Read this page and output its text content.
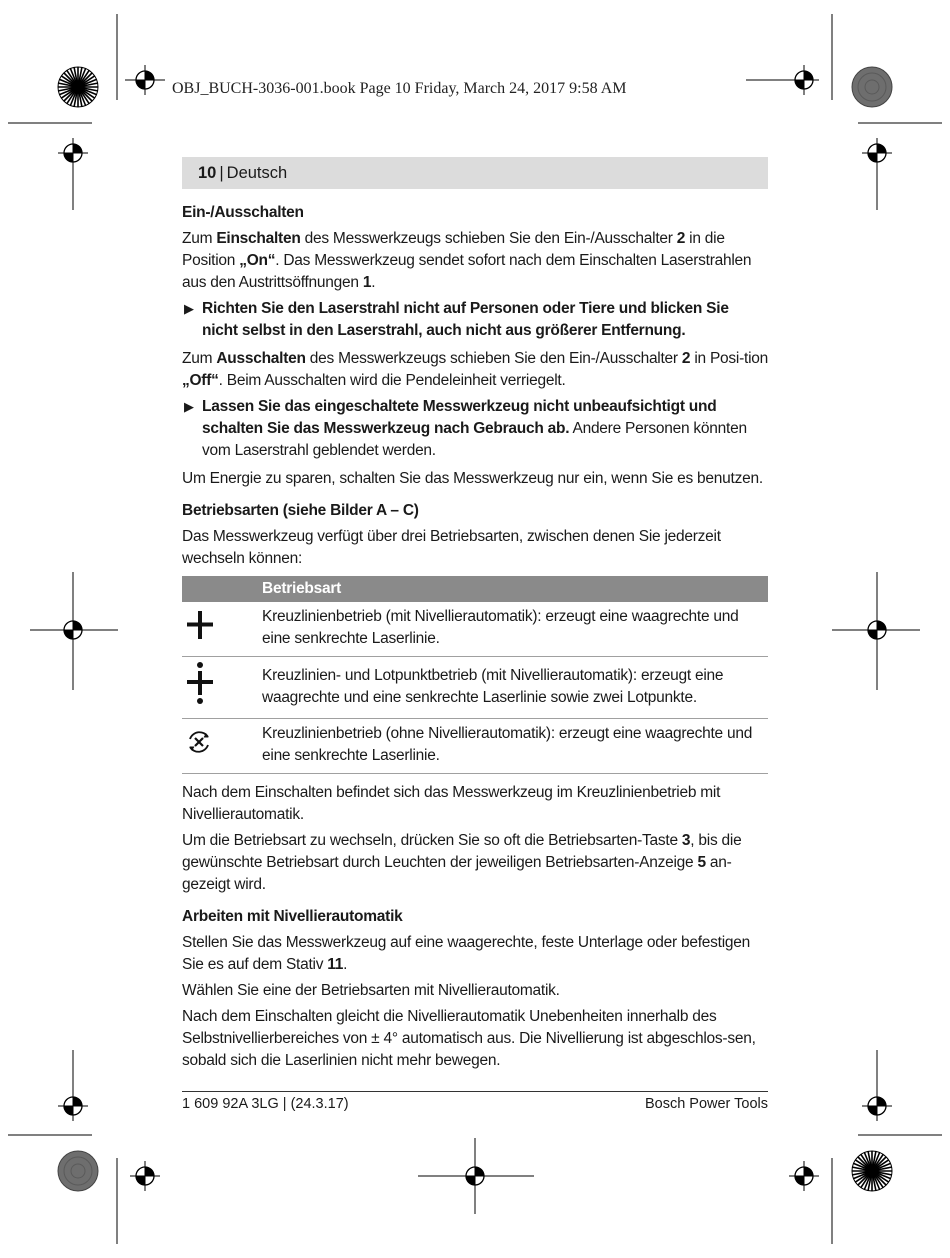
OBJ_BUCH-3036-001.book Page 10 Friday, March 24, 2017 9:58 AM
10 | Deutsch
Ein-/Ausschalten

Zum Einschalten des Messwerkzeugs schieben Sie den Ein-/Ausschalter 2 in die Position „On“. Das Messwerkzeug sendet sofort nach dem Einschalten Laserstrahlen aus den Austrittsöffnungen 1.

▶ Richten Sie den Laserstrahl nicht auf Personen oder Tiere und blicken Sie nicht selbst in den Laserstrahl, auch nicht aus größerer Entfernung.

Zum Ausschalten des Messwerkzeugs schieben Sie den Ein-/Ausschalter 2 in Posi-tion „Off“. Beim Ausschalten wird die Pendeleinheit verriegelt.

▶ Lassen Sie das eingeschaltete Messwerkzeug nicht unbeaufsichtigt und schalten Sie das Messwerkzeug nach Gebrauch ab. Andere Personen könnten vom Laserstrahl geblendet werden.

Um Energie zu sparen, schalten Sie das Messwerkzeug nur ein, wenn Sie es benutzen.

Betriebsarten (siehe Bilder A – C)

Das Messwerkzeug verfügt über drei Betriebsarten, zwischen denen Sie jederzeit wechseln können:

	Betriebsart
	Kreuzlinienbetrieb (mit Nivellierautomatik): erzeugt eine waagrechte und eine senkrechte Laserlinie.
	Kreuzlinien- und Lotpunktbetrieb (mit Nivellierautomatik): erzeugt eine waagrechte und eine senkrechte Laserlinie sowie zwei Lotpunkte.
	Kreuzlinienbetrieb (ohne Nivellierautomatik): erzeugt eine waagrechte und eine senkrechte Laserlinie.

Nach dem Einschalten befindet sich das Messwerkzeug im Kreuzlinienbetrieb mit Nivellierautomatik.

Um die Betriebsart zu wechseln, drücken Sie so oft die Betriebsarten-Taste 3, bis die gewünschte Betriebsart durch Leuchten der jeweiligen Betriebsarten-Anzeige 5 an-gezeigt wird.

Arbeiten mit Nivellierautomatik

Stellen Sie das Messwerkzeug auf eine waagerechte, feste Unterlage oder befestigen Sie es auf dem Stativ 11.

Wählen Sie eine der Betriebsarten mit Nivellierautomatik.

Nach dem Einschalten gleicht die Nivellierautomatik Unebenheiten innerhalb des Selbstnivellierbereiches von ± 4° automatisch aus. Die Nivellierung ist abgeschlos-sen, sobald sich die Laserlinien nicht mehr bewegen.

1 609 92A 3LG | (24.3.17)	Bosch Power Tools
